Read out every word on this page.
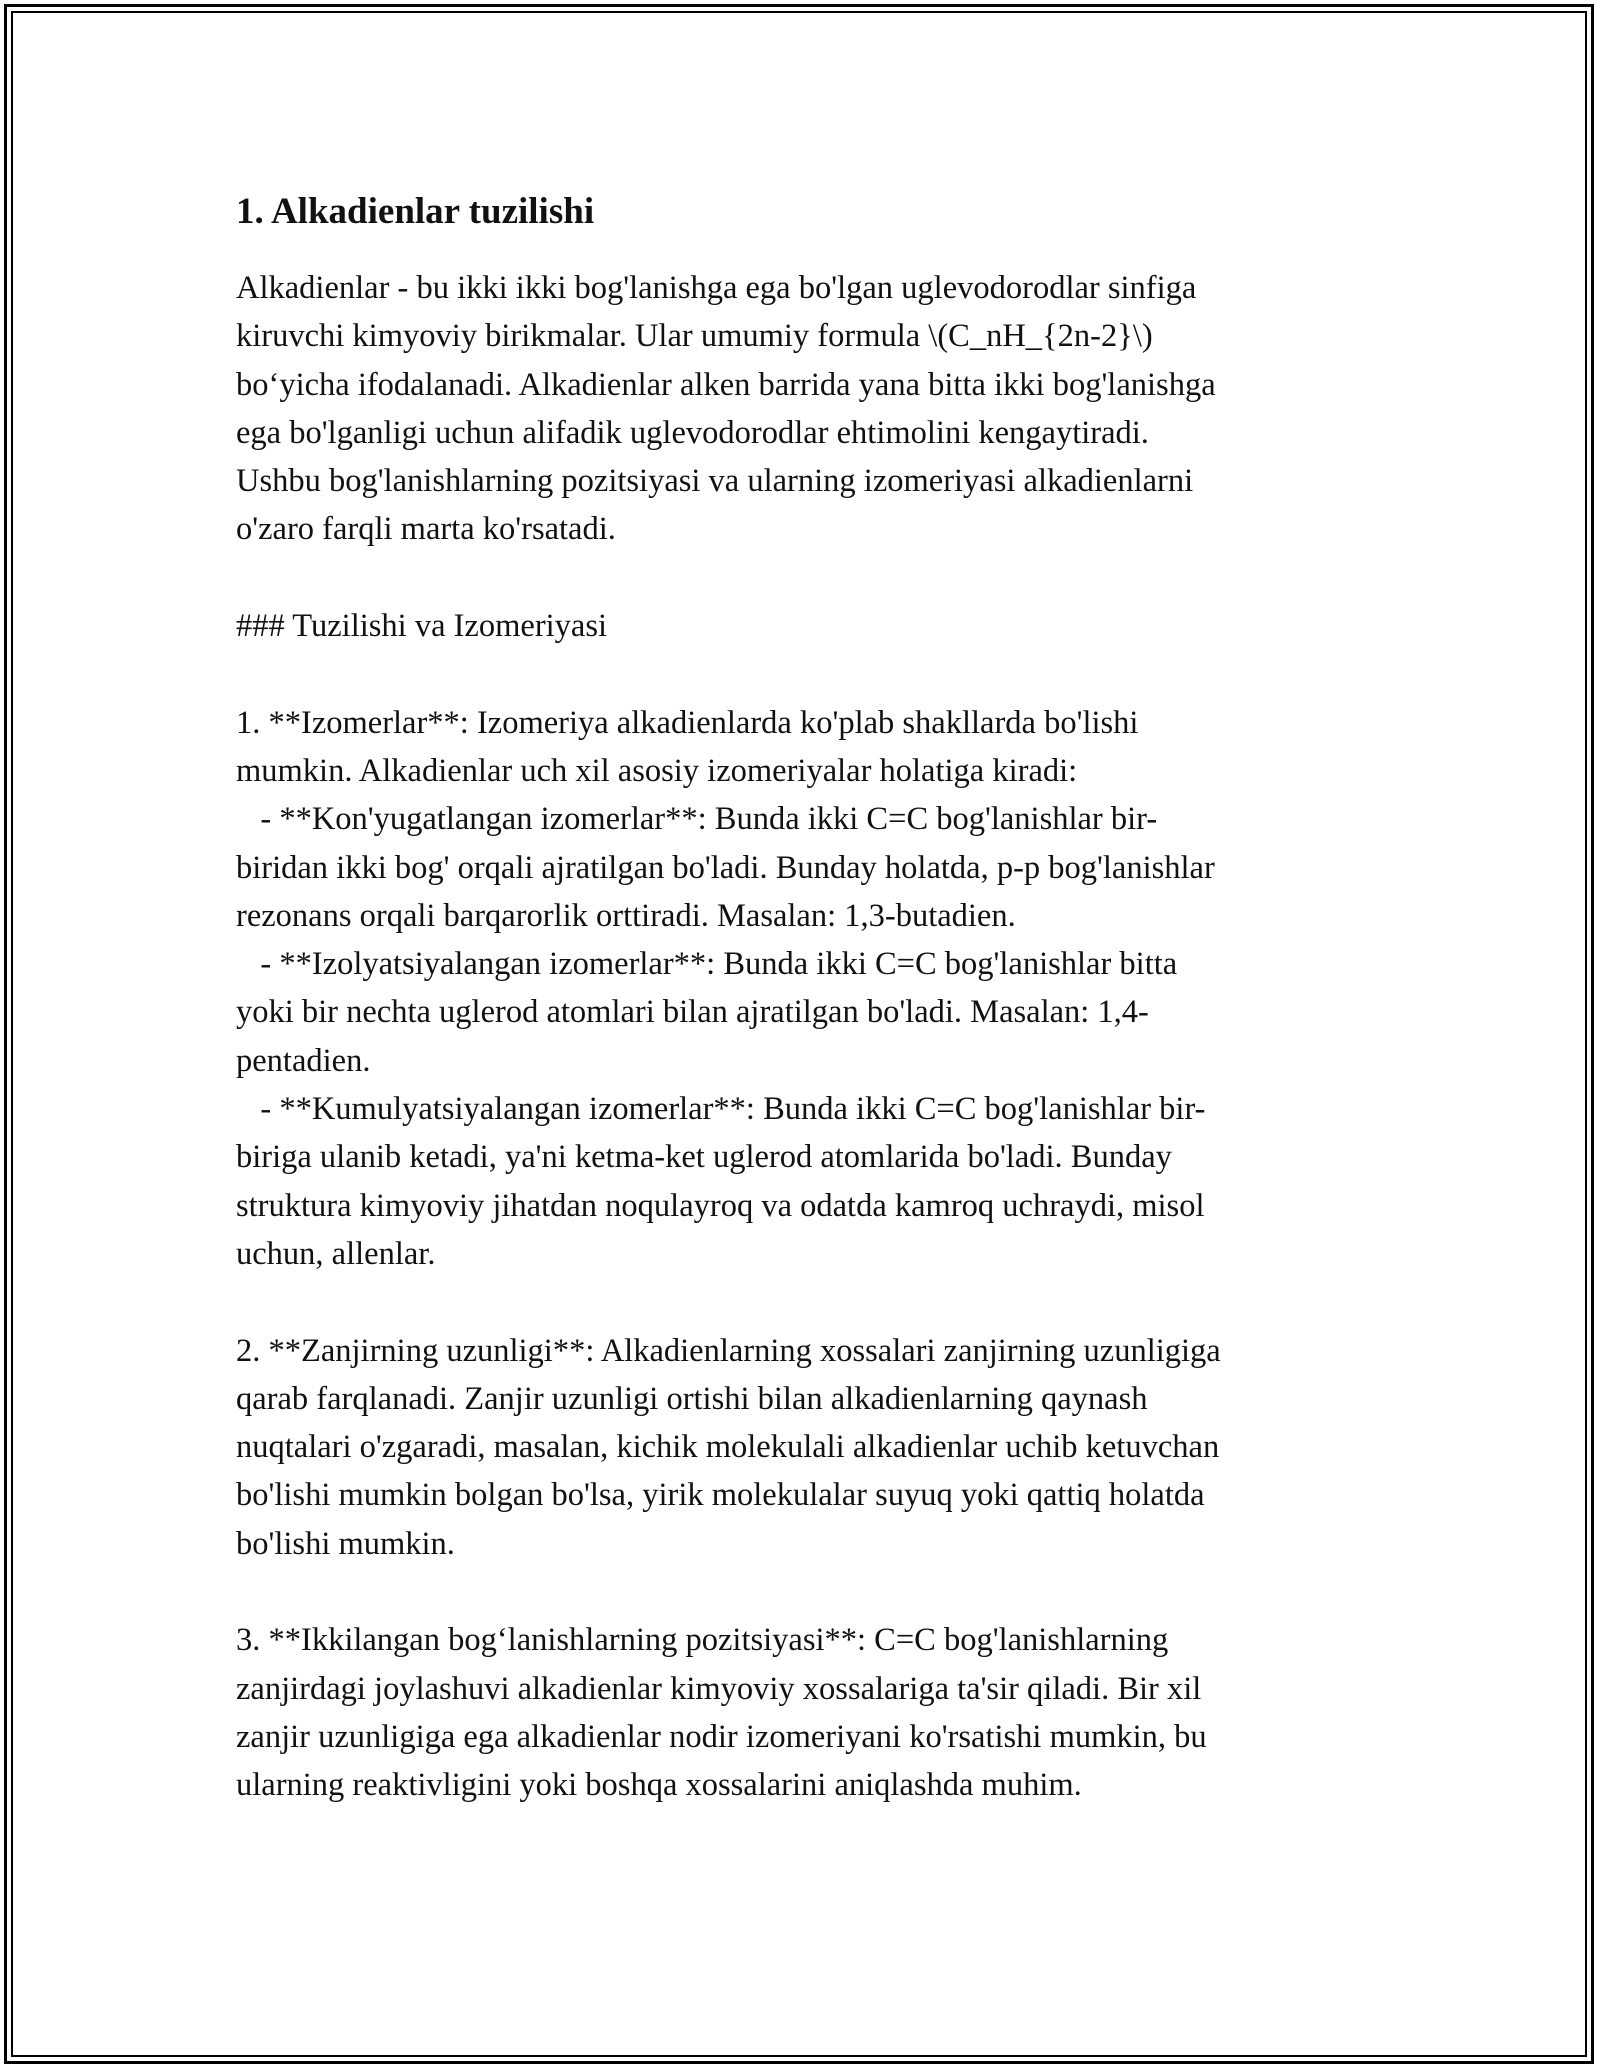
1. Alkadienlar tuzilishi
Alkadienlar - bu ikki ikki bog'lanishga ega bo'lgan uglevodorodlar sinfiga
kiruvchi kimyoviy birikmalar. Ular umumiy formula \(C_nH_{2n-2}\)
bo‘yicha ifodalanadi. Alkadienlar alken barrida yana bitta ikki bog'lanishga
ega bo'lganligi uchun alifadik uglevodorodlar ehtimolini kengaytiradi.
Ushbu bog'lanishlarning pozitsiyasi va ularning izomeriyasi alkadienlarni
o'zaro farqli marta ko'rsatadi.
### Tuzilishi va Izomeriyasi
1. **Izomerlar**: Izomeriya alkadienlarda ko'plab shakllarda bo'lishi
mumkin. Alkadienlar uch xil asosiy izomeriyalar holatiga kiradi:
- **Kon'yugatlangan izomerlar**: Bunda ikki C=C bog'lanishlar bir-
biridan ikki bog' orqali ajratilgan bo'ladi. Bunday holatda, p-p bog'lanishlar
rezonans orqali barqarorlik orttiradi. Masalan: 1,3-butadien.
- **Izolyatsiyalangan izomerlar**: Bunda ikki C=C bog'lanishlar bitta
yoki bir nechta uglerod atomlari bilan ajratilgan bo'ladi. Masalan: 1,4-
pentadien.
- **Kumulyatsiyalangan izomerlar**: Bunda ikki C=C bog'lanishlar bir-
biriga ulanib ketadi, ya'ni ketma-ket uglerod atomlarida bo'ladi. Bunday
struktura kimyoviy jihatdan noqulayroq va odatda kamroq uchraydi, misol
uchun, allenlar.
2. **Zanjirning uzunligi**: Alkadienlarning xossalari zanjirning uzunligiga
qarab farqlanadi. Zanjir uzunligi ortishi bilan alkadienlarning qaynash
nuqtalari o'zgaradi, masalan, kichik molekulali alkadienlar uchib ketuvchan
bo'lishi mumkin bolgan bo'lsa, yirik molekulalar suyuq yoki qattiq holatda
bo'lishi mumkin.
3. **Ikkilangan bog‘lanishlarning pozitsiyasi**: C=C bog'lanishlarning
zanjirdagi joylashuvi alkadienlar kimyoviy xossalariga ta'sir qiladi. Bir xil
zanjir uzunligiga ega alkadienlar nodir izomeriyani ko'rsatishi mumkin, bu
ularning reaktivligini yoki boshqa xossalarini aniqlashda muhim.
